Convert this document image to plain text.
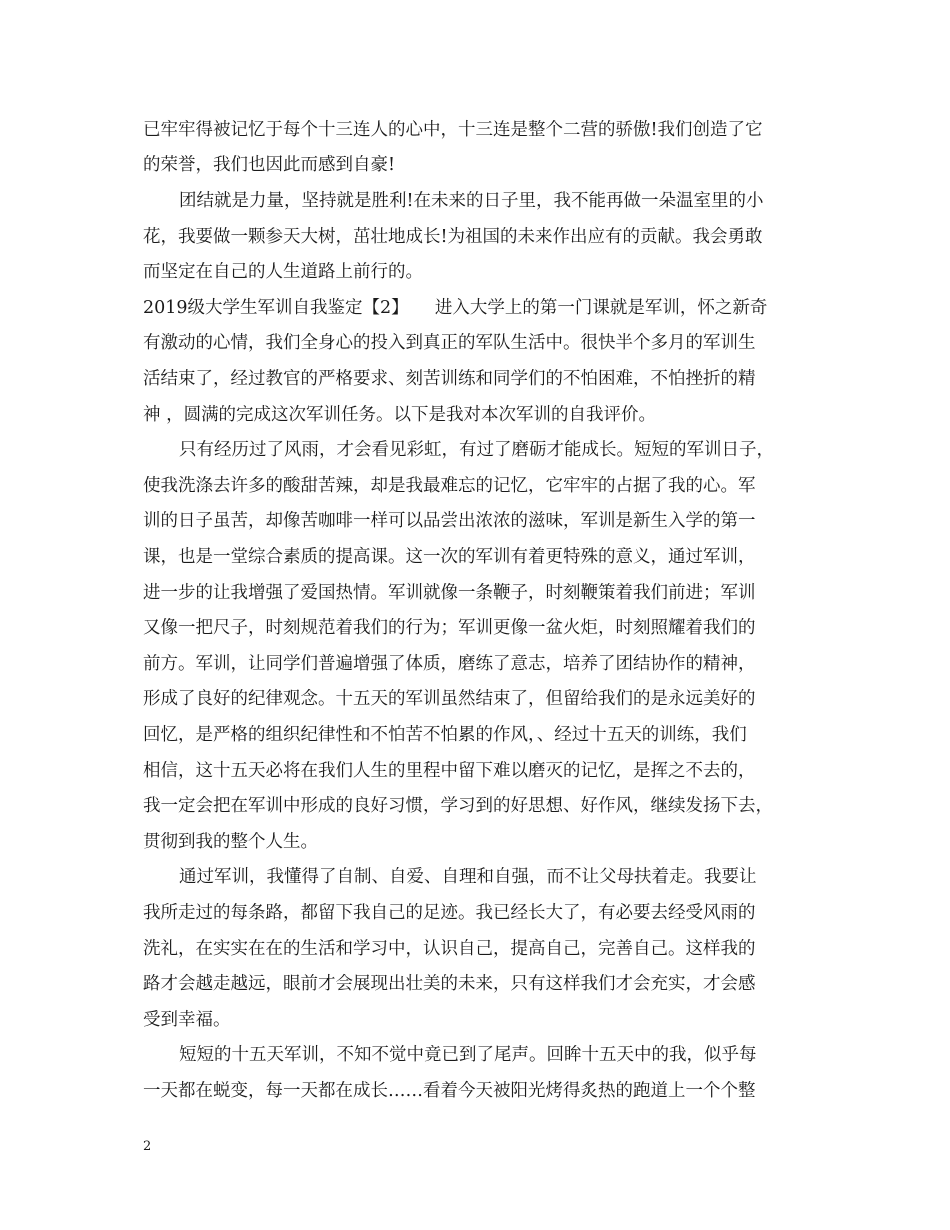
已牢牢得被记忆于每个十三连人的心中，十三连是整个二营的骄傲!我们创造了它
的荣誉，我们也因此而感到自豪!
团结就是力量，坚持就是胜利!在未来的日子里，我不能再做一朵温室里的小
花，我要做一颗参天大树，茁壮地成长!为祖国的未来作出应有的贡献。我会勇敢
而坚定在自己的人生道路上前行的。
2019级大学生军训自我鉴定【2】　　进入大学上的第一门课就是军训，怀之新奇
有激动的心情，我们全身心的投入到真正的军队生活中。很快半个多月的军训生
活结束了，经过教官的严格要求、刻苦训练和同学们的不怕困难，不怕挫折的精
神 ，圆满的完成这次军训任务。以下是我对本次军训的自我评价。
只有经历过了风雨，才会看见彩虹，有过了磨砺才能成长。短短的军训日子，
使我洗涤去许多的酸甜苦辣，却是我最难忘的记忆，它牢牢的占据了我的心。军
训的日子虽苦，却像苦咖啡一样可以品尝出浓浓的滋味，军训是新生入学的第一
课，也是一堂综合素质的提高课。这一次的军训有着更特殊的意义，通过军训，
进一步的让我增强了爱国热情。军训就像一条鞭子，时刻鞭策着我们前进；军训
又像一把尺子，时刻规范着我们的行为；军训更像一盆火炬，时刻照耀着我们的
前方。军训，让同学们普遍增强了体质，磨练了意志，培养了团结协作的精神，
形成了良好的纪律观念。十五天的军训虽然结束了，但留给我们的是永远美好的
回忆，是严格的组织纪律性和不怕苦不怕累的作风，、经过十五天的训练，我们
相信，这十五天必将在我们人生的里程中留下难以磨灭的记忆，是挥之不去的，
我一定会把在军训中形成的良好习惯，学习到的好思想、好作风，继续发扬下去，
贯彻到我的整个人生。
通过军训，我懂得了自制、自爱、自理和自强，而不让父母扶着走。我要让
我所走过的每条路，都留下我自己的足迹。我已经长大了，有必要去经受风雨的
洗礼，在实实在在的生活和学习中，认识自己，提高自己，完善自己。这样我的
路才会越走越远，眼前才会展现出壮美的未来，只有这样我们才会充实，才会感
受到幸福。
短短的十五天军训，不知不觉中竟已到了尾声。回眸十五天中的我，似乎每
一天都在蜕变，每一天都在成长……看着今天被阳光烤得炙热的跑道上一个个整
2
